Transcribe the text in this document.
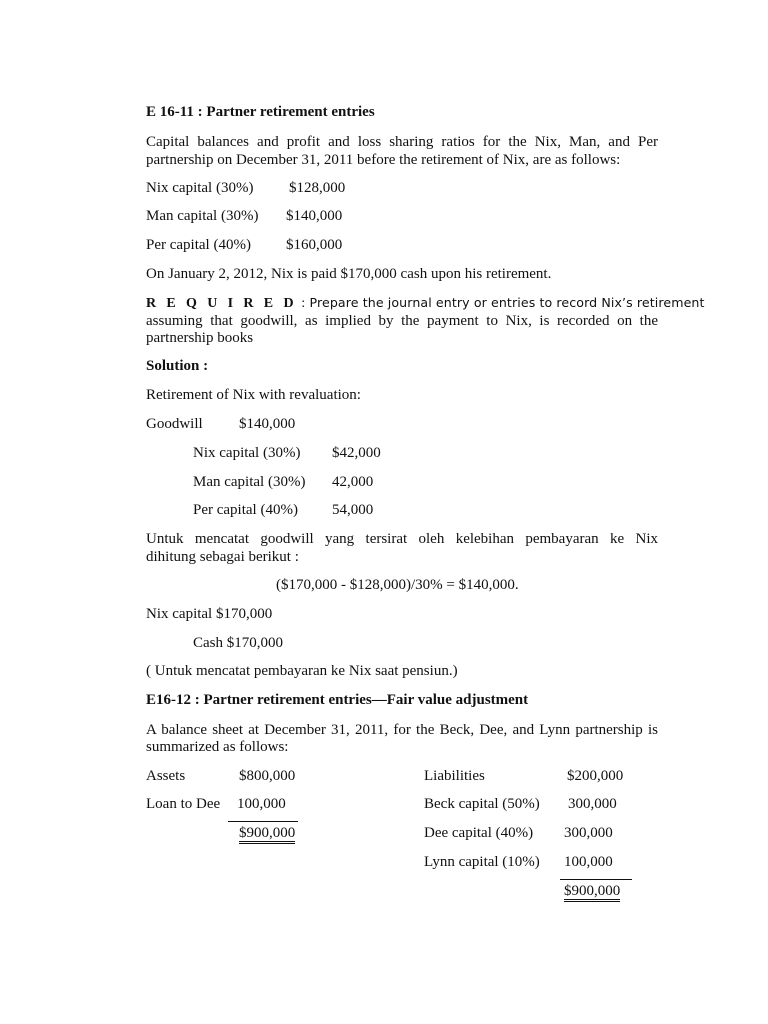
E 16-11 : Partner retirement entries
Capital balances and profit and loss sharing ratios for the Nix, Man, and Per
partnership on December 31, 2011 before the retirement of Nix, are as follows:
Nix capital (30%) $128,000
Man capital (30%) $140,000
Per capital (40%) $160,000
On January 2, 2012, Nix is paid $170,000 cash upon his retirement.
R E Q U I R E D : Prepare the journal entry or entries to record Nix’s retirement
assuming that goodwill, as implied by the payment to Nix, is recorded on the
partnership books
Solution :
Retirement of Nix with revaluation:
Goodwill $140,000
Nix capital (30%) $42,000
Man capital (30%) 42,000
Per capital (40%) 54,000
Untuk mencatat goodwill yang tersirat oleh kelebihan pembayaran ke Nix
dihitung sebagai berikut :
($170,000 - $128,000)/30% = $140,000.
Nix capital $170,000
Cash $170,000
( Untuk mencatat pembayaran ke Nix saat pensiun.)
E16-12 : Partner retirement entries—Fair value adjustment
A balance sheet at December 31, 2011, for the Beck, Dee, and Lynn partnership is
summarized as follows:
Assets	$800,000
Loan to Dee 100,000
$900,000
Liabilities	$200,000
Beck capital (50%) 300,000
Dee capital (40%) 300,000
Lynn capital (10%) 100,000
$900,000
